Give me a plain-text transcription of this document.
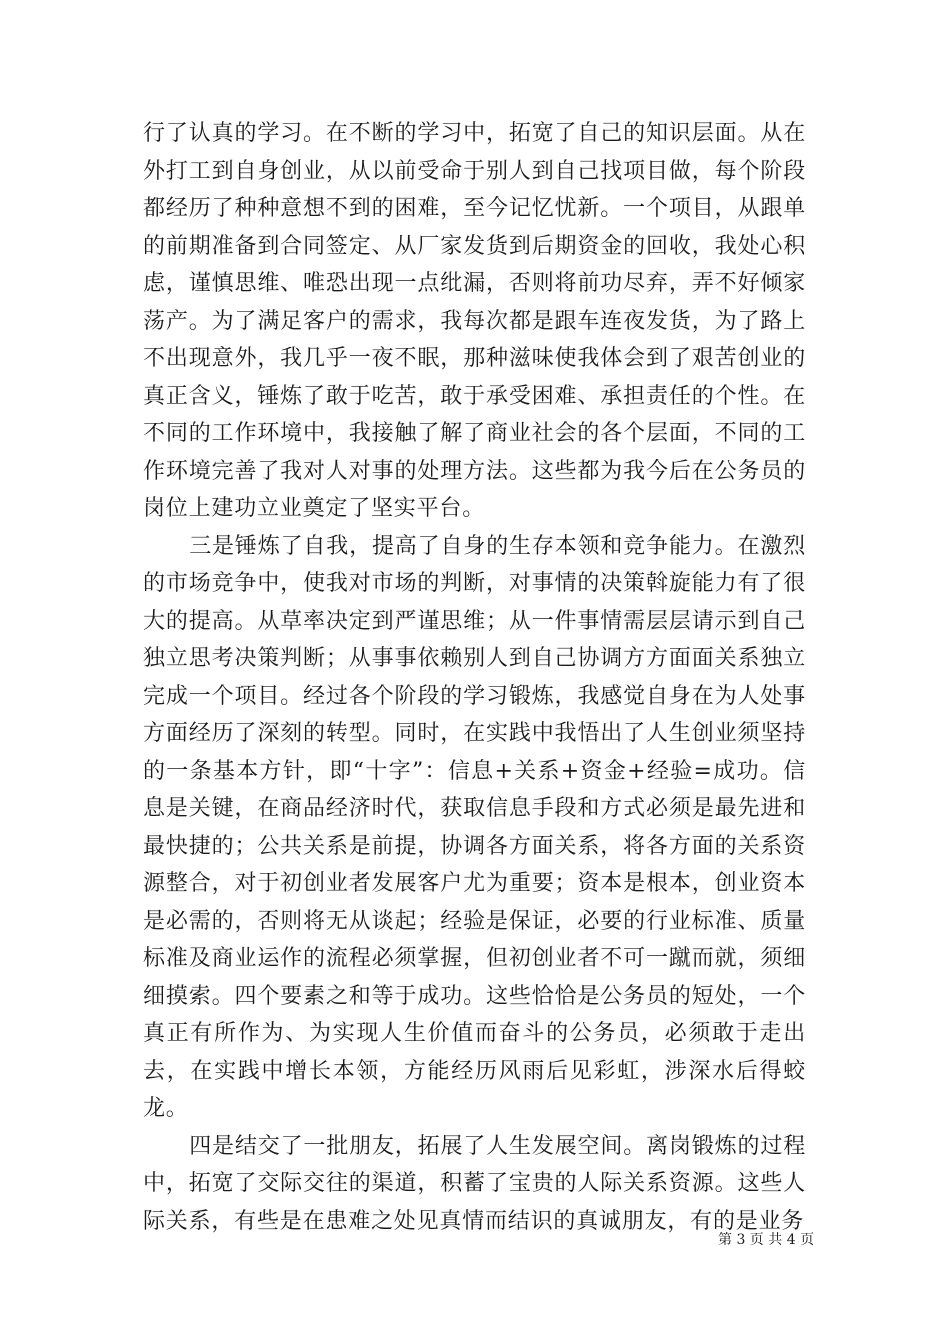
行了认真的学习。在不断的学习中，拓宽了自己的知识层面。从在外打工到自身创业，从以前受命于别人到自己找项目做，每个阶段都经历了种种意想不到的困难，至今记忆忧新。一个项目，从跟单的前期准备到合同签定、从厂家发货到后期资金的回收，我处心积虑，谨慎思维、唯恐出现一点纰漏，否则将前功尽弃，弄不好倾家荡产。为了满足客户的需求，我每次都是跟车连夜发货，为了路上不出现意外，我几乎一夜不眠，那种滋味使我体会到了艰苦创业的真正含义，锤炼了敢于吃苦，敢于承受困难、承担责任的个性。在不同的工作环境中，我接触了解了商业社会的各个层面，不同的工作环境完善了我对人对事的处理方法。这些都为我今后在公务员的岗位上建功立业奠定了坚实平台。

三是锤炼了自我，提高了自身的生存本领和竞争能力。在激烈的市场竞争中，使我对市场的判断，对事情的决策斡旋能力有了很大的提高。从草率决定到严谨思维；从一件事情需层层请示到自己独立思考决策判断；从事事依赖别人到自己协调方方面面关系独立完成一个项目。经过各个阶段的学习锻炼，我感觉自身在为人处事方面经历了深刻的转型。同时，在实践中我悟出了人生创业须坚持的一条基本方针，即“十字”：信息+关系+资金+经验=成功。信息是关键，在商品经济时代，获取信息手段和方式必须是最先进和最快捷的；公共关系是前提，协调各方面关系，将各方面的关系资源整合，对于初创业者发展客户尤为重要；资本是根本，创业资本是必需的，否则将无从谈起；经验是保证，必要的行业标准、质量标准及商业运作的流程必须掌握，但初创业者不可一蹴而就，须细细摸索。四个要素之和等于成功。这些恰恰是公务员的短处，一个真正有所作为、为实现人生价值而奋斗的公务员，必须敢于走出去，在实践中增长本领，方能经历风雨后见彩虹，涉深水后得蛟龙。

四是结交了一批朋友，拓展了人生发展空间。离岗锻炼的过程中，拓宽了交际交往的渠道，积蓄了宝贵的人际关系资源。这些人际关系，有些是在患难之处见真情而结识的真诚朋友，有的是业务

第 3 页 共 4 页
